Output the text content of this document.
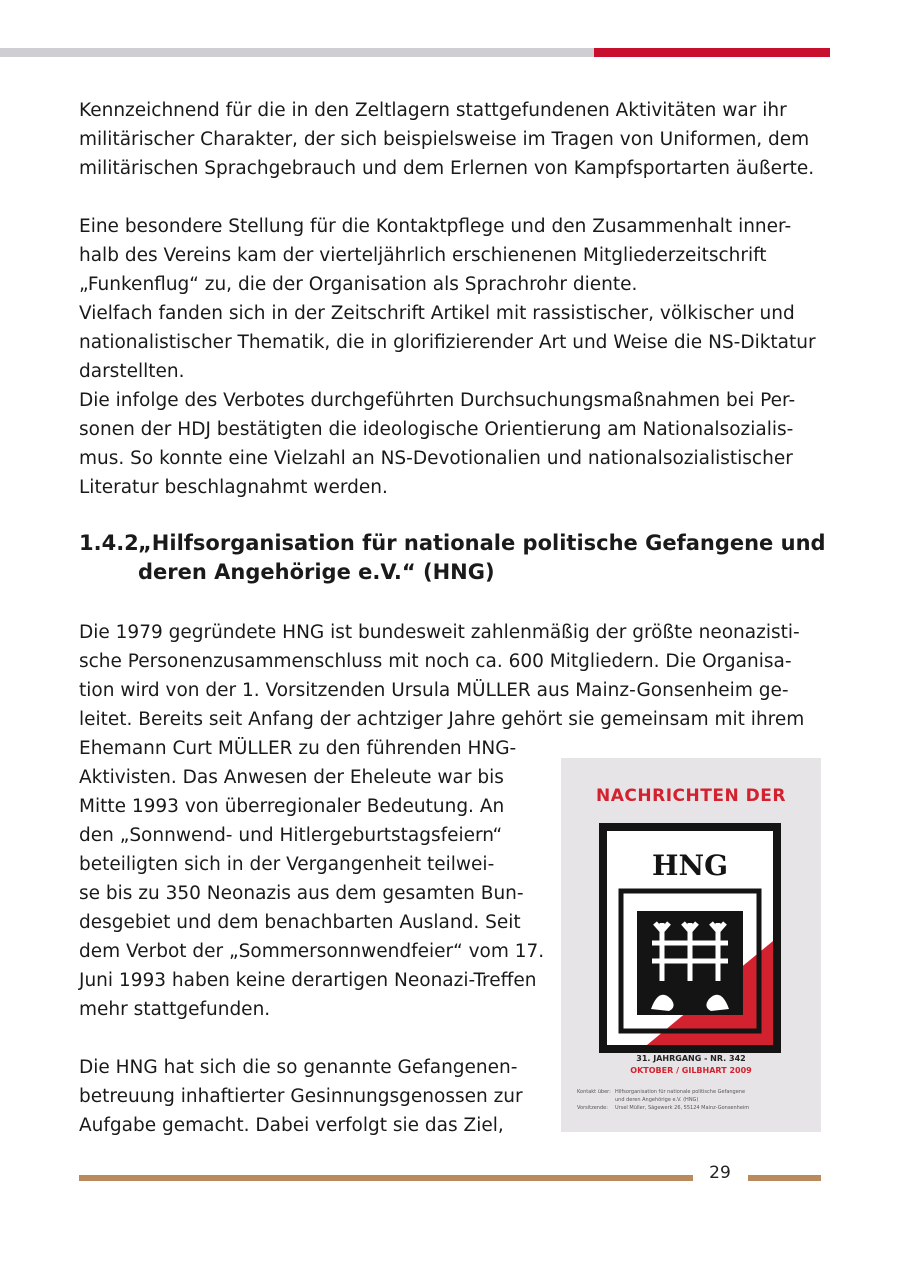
Kennzeichnend für die in den Zeltlagern stattgefundenen Aktivitäten war ihr
militärischer Charakter, der sich beispielsweise im Tragen von Uniformen, dem
militärischen Sprachgebrauch und dem Erlernen von Kampfsportarten äußerte.

Eine besondere Stellung für die Kontaktpflege und den Zusammenhalt inner-
halb des Vereins kam der vierteljährlich erschienenen Mitgliederzeitschrift
„Funkenflug“ zu, die der Organisation als Sprachrohr diente.
Vielfach fanden sich in der Zeitschrift Artikel mit rassistischer, völkischer und
nationalistischer Thematik, die in glorifizierender Art und Weise die NS-Diktatur
darstellten.
Die infolge des Verbotes durchgeführten Durchsuchungsmaßnahmen bei Per-
sonen der HDJ bestätigten die ideologische Orientierung am Nationalsozialis-
mus. So konnte eine Vielzahl an NS-Devotionalien und nationalsozialistischer
Literatur beschlagnahmt werden.

1.4.2„Hilfsorganisation für nationale politische Gefangene und
deren Angehörige e.V.“ (HNG)

Die 1979 gegründete HNG ist bundesweit zahlenmäßig der größte neonazisti-
sche Personenzusammenschluss mit noch ca. 600 Mitgliedern. Die Organisa-
tion wird von der 1. Vorsitzenden Ursula MÜLLER aus Mainz-Gonsenheim ge-
leitet. Bereits seit Anfang der achtziger Jahre gehört sie gemeinsam mit ihrem
Ehemann Curt MÜLLER zu den führenden HNG-
Aktivisten. Das Anwesen der Eheleute war bis
Mitte 1993 von überregionaler Bedeutung. An
den „Sonnwend- und Hitlergeburtstagsfeiern“
beteiligten sich in der Vergangenheit teilwei-
se bis zu 350 Neonazis aus dem gesamten Bun-
desgebiet und dem benachbarten Ausland. Seit
dem Verbot der „Sommersonnwendfeier“ vom 17.
Juni 1993 haben keine derartigen Neonazi-Treffen
mehr stattgefunden.

Die HNG hat sich die so genannte Gefangenen-
betreuung inhaftierter Gesinnungsgenossen zur
Aufgabe gemacht. Dabei verfolgt sie das Ziel,

NACHRICHTEN DER
HNG
31. JAHRGANG - NR. 342
OKTOBER / GILBHART 2009
Kontakt über: Hilfsorganisation für nationale politische Gefangene
und deren Angehörige e.V. (HNG)
Vorsitzende:	Ursel Müller, Sägewerk 26, 55124 Mainz-Gonsenheim
29
